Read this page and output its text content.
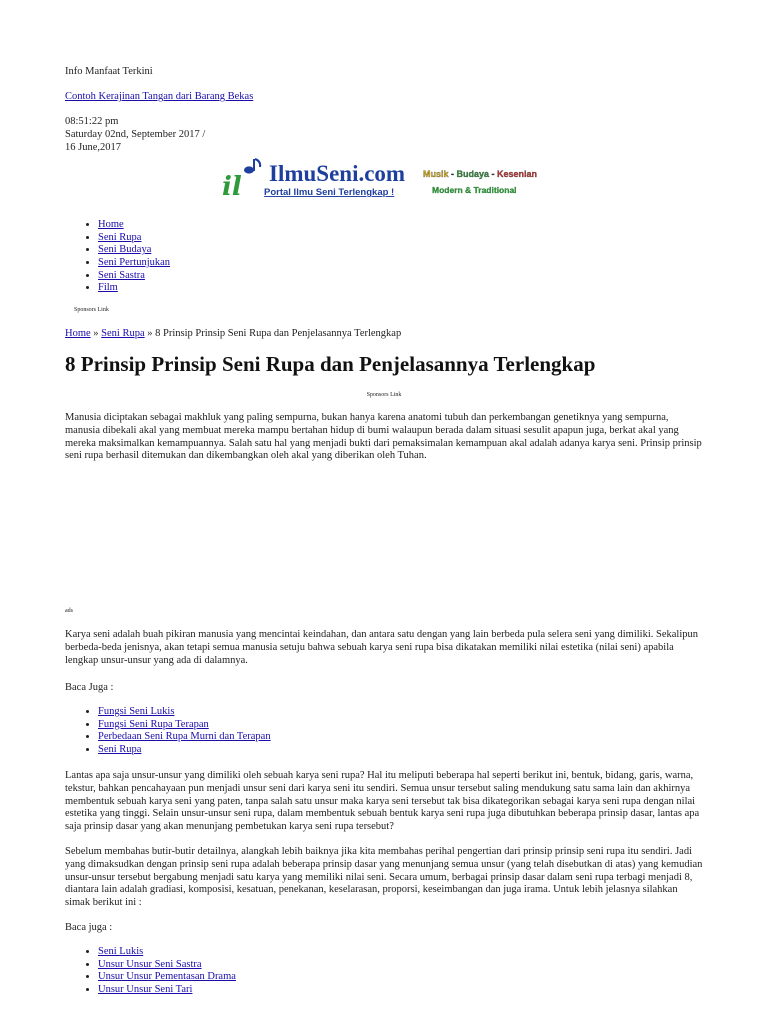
Info Manfaat Terkini
Contoh Kerajinan Tangan dari Barang Bekas
08:51:22 pm
Saturday 02nd, September 2017 /
16 June,2017
il IlmuSeni.com
Portal Ilmu Seni Terlengkap !
Musik - Budaya - Kesenian
Modern & Traditional
• Home
• Seni Rupa
• Seni Budaya
• Seni Pertunjukan
• Seni Sastra
• Film
Sponsors Link
Home » Seni Rupa » 8 Prinsip Prinsip Seni Rupa dan Penjelasannya Terlengkap
8 Prinsip Prinsip Seni Rupa dan Penjelasannya Terlengkap
Sponsors Link

Manusia diciptakan sebagai makhluk yang paling sempurna, bukan hanya karena anatomi tubuh dan perkembangan genetiknya yang sempurna, manusia dibekali akal yang membuat mereka mampu bertahan hidup di bumi walaupun berada dalam situasi sesulit apapun juga, berkat akal yang mereka maksimalkan kemampuannya. Salah satu hal yang menjadi bukti dari pemaksimalan kemampuan akal adalah adanya karya seni. Prinsip prinsip seni rupa berhasil ditemukan dan dikembangkan oleh akal yang diberikan oleh Tuhan.

ads

Karya seni adalah buah pikiran manusia yang mencintai keindahan, dan antara satu dengan yang lain berbeda pula selera seni yang dimiliki. Sekalipun berbeda-beda jenisnya, akan tetapi semua manusia setuju bahwa sebuah karya seni rupa bisa dikatakan memiliki nilai estetika (nilai seni) apabila lengkap unsur-unsur yang ada di dalamnya.

Baca Juga :
• Fungsi Seni Lukis
• Fungsi Seni Rupa Terapan
• Perbedaan Seni Rupa Murni dan Terapan
• Seni Rupa

Lantas apa saja unsur-unsur yang dimiliki oleh sebuah karya seni rupa? Hal itu meliputi beberapa hal seperti berikut ini, bentuk, bidang, garis, warna, tekstur, bahkan pencahayaan pun menjadi unsur seni dari karya seni itu sendiri. Semua unsur tersebut saling mendukung satu sama lain dan akhirnya membentuk sebuah karya seni yang paten, tanpa salah satu unsur maka karya seni tersebut tak bisa dikategorikan sebagai karya seni rupa dengan nilai estetika yang tinggi. Selain unsur-unsur seni rupa, dalam membentuk sebuah bentuk karya seni rupa juga dibutuhkan beberapa prinsip dasar, lantas apa saja prinsip dasar yang akan menunjang pembetukan karya seni rupa tersebut?

Sebelum membahas butir-butir detailnya, alangkah lebih baiknya jika kita membahas perihal pengertian dari prinsip prinsip seni rupa itu sendiri. Jadi yang dimaksudkan dengan prinsip seni rupa adalah beberapa prinsip dasar yang menunjang semua unsur (yang telah disebutkan di atas) yang kemudian unsur-unsur tersebut bergabung menjadi satu karya yang memiliki nilai seni. Secara umum, berbagai prinsip dasar dalam seni rupa terbagi menjadi 8, diantara lain adalah gradiasi, komposisi, kesatuan, penekanan, keselarasan, proporsi, keseimbangan dan juga irama. Untuk lebih jelasnya silahkan simak berikut ini :

Baca juga :
• Seni Lukis
• Unsur Unsur Seni Sastra
• Unsur Unsur Pementasan Drama
• Unsur Unsur Seni Tari
